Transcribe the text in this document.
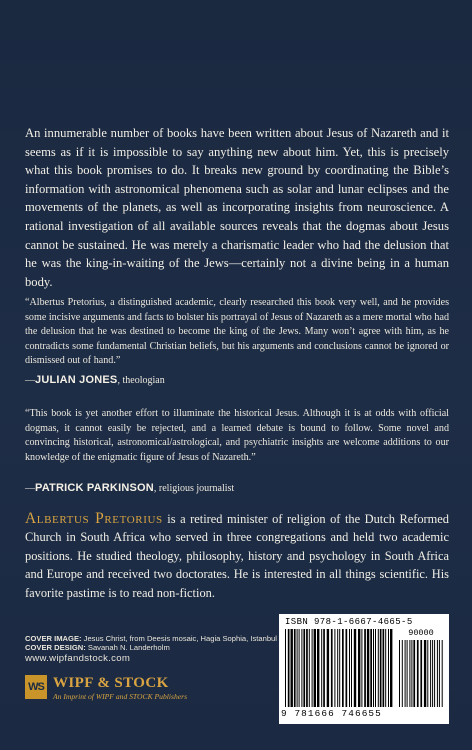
An innumerable number of books have been written about Jesus of Nazareth and it seems as if it is impossible to say anything new about him. Yet, this is precisely what this book promises to do. It breaks new ground by coordinating the Bible’s information with astronomical phenomena such as solar and lunar eclipses and the movements of the planets, as well as incorporating insights from neuroscience. A rational investigation of all available sources reveals that the dogmas about Jesus cannot be sustained. He was merely a charismatic leader who had the delusion that he was the king-in-waiting of the Jews—certainly not a divine being in a human body.

“Albertus Pretorius, a distinguished academic, clearly researched this book very well, and he provides some incisive arguments and facts to bolster his portrayal of Jesus of Nazareth as a mere mortal who had the delusion that he was destined to become the king of the Jews. Many won’t agree with him, as he contradicts some fundamental Christian beliefs, but his arguments and conclusions cannot be ignored or dismissed out of hand.”

—JULIAN JONES, theologian

“This book is yet another effort to illuminate the historical Jesus. Although it is at odds with official dogmas, it cannot easily be rejected, and a learned debate is bound to follow. Some novel and convincing historical, astronomical/astrological, and psychiatric insights are welcome additions to our knowledge of the enigmatic figure of Jesus of Nazareth.”

—PATRICK PARKINSON, religious journalist

Albertus Pretorius is a retired minister of religion of the Dutch Reformed Church in South Africa who served in three congregations and held two academic positions. He studied theology, philosophy, history and psychology in South Africa and Europe and received two doctorates. He is interested in all things scientific. His favorite pastime is to read non-fiction.

COVER IMAGE: Jesus Christ, from Deesis mosaic, Hagia Sophia, Istanbul
COVER DESIGN: Savanah N. Landerholm
www.wipfandstock.com
WS WIPF & STOCK
An Imprint of WIPF and STOCK Publishers
ISBN 978-1-6667-4665-5
90000
9 781666 746655
